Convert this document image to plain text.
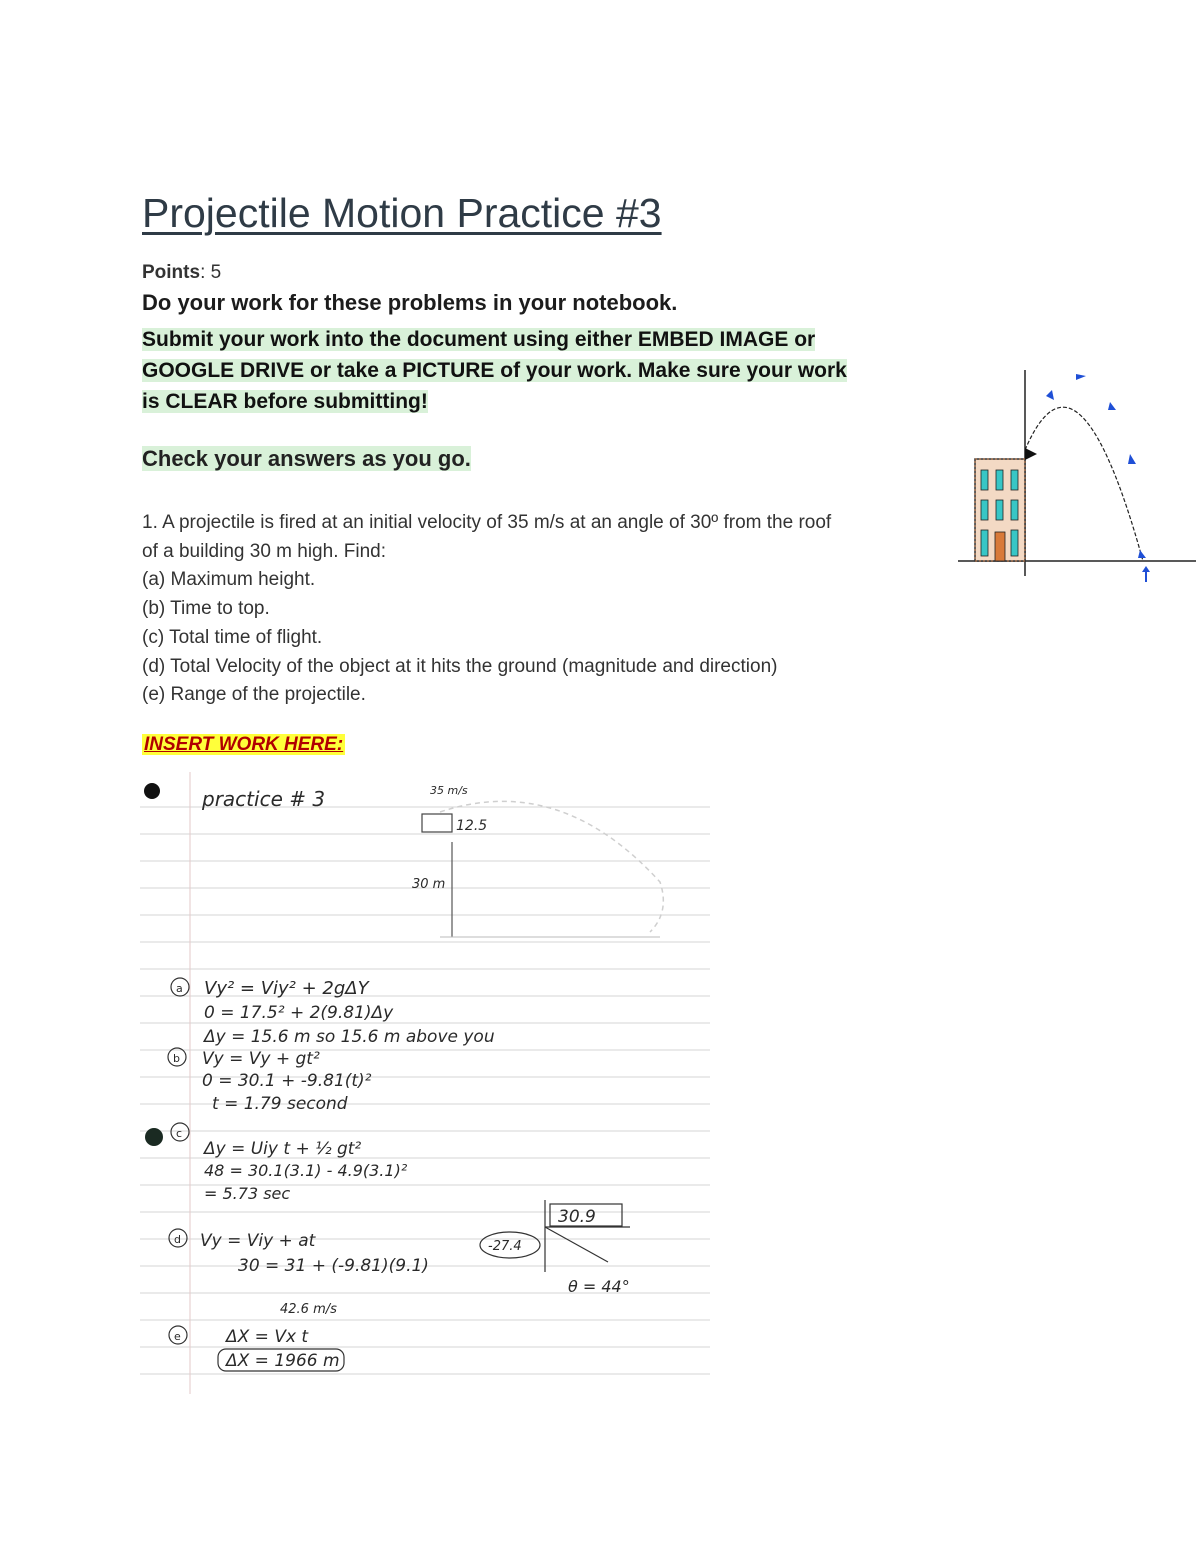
Projectile Motion Practice #3
Points: 5
Do your work for these problems in your notebook.
Submit your work into the document using either EMBED IMAGE or
GOOGLE DRIVE or take a PICTURE of your work. Make sure your work
is CLEAR before submitting!
Check your answers as you go.
1. A projectile is fired at an initial velocity of 35 m/s at an angle of 30º from the roof
of a building 30 m high. Find:
(a) Maximum height.
(b) Time to top.
(c) Total time of flight.
(d) Total Velocity of the object at it hits the ground (magnitude and direction)
(e) Range of the projectile.
INSERT WORK HERE:
practice # 3	35 m/s
12.5
30 m
a Vy² = Viy² + 2gΔY
0 = 17.5² + 2(9.81)Δy
Δy = 15.6 m so 15.6 m above you
b Vy = Vy + gt²
0 = 30.1 + -9.81(t)²
t = 1.79 second
c
Δy = Uiy t + ½ gt²
48 = 30.1(3.1) - 4.9(3.1)²
= 5.73 sec
d Vy = Viy + at
30 = 31 + (-9.81)(9.1)
42.6 m/s
-27.4
30.9
θ = 44°
e	ΔX = Vx t
ΔX = 1966 m
